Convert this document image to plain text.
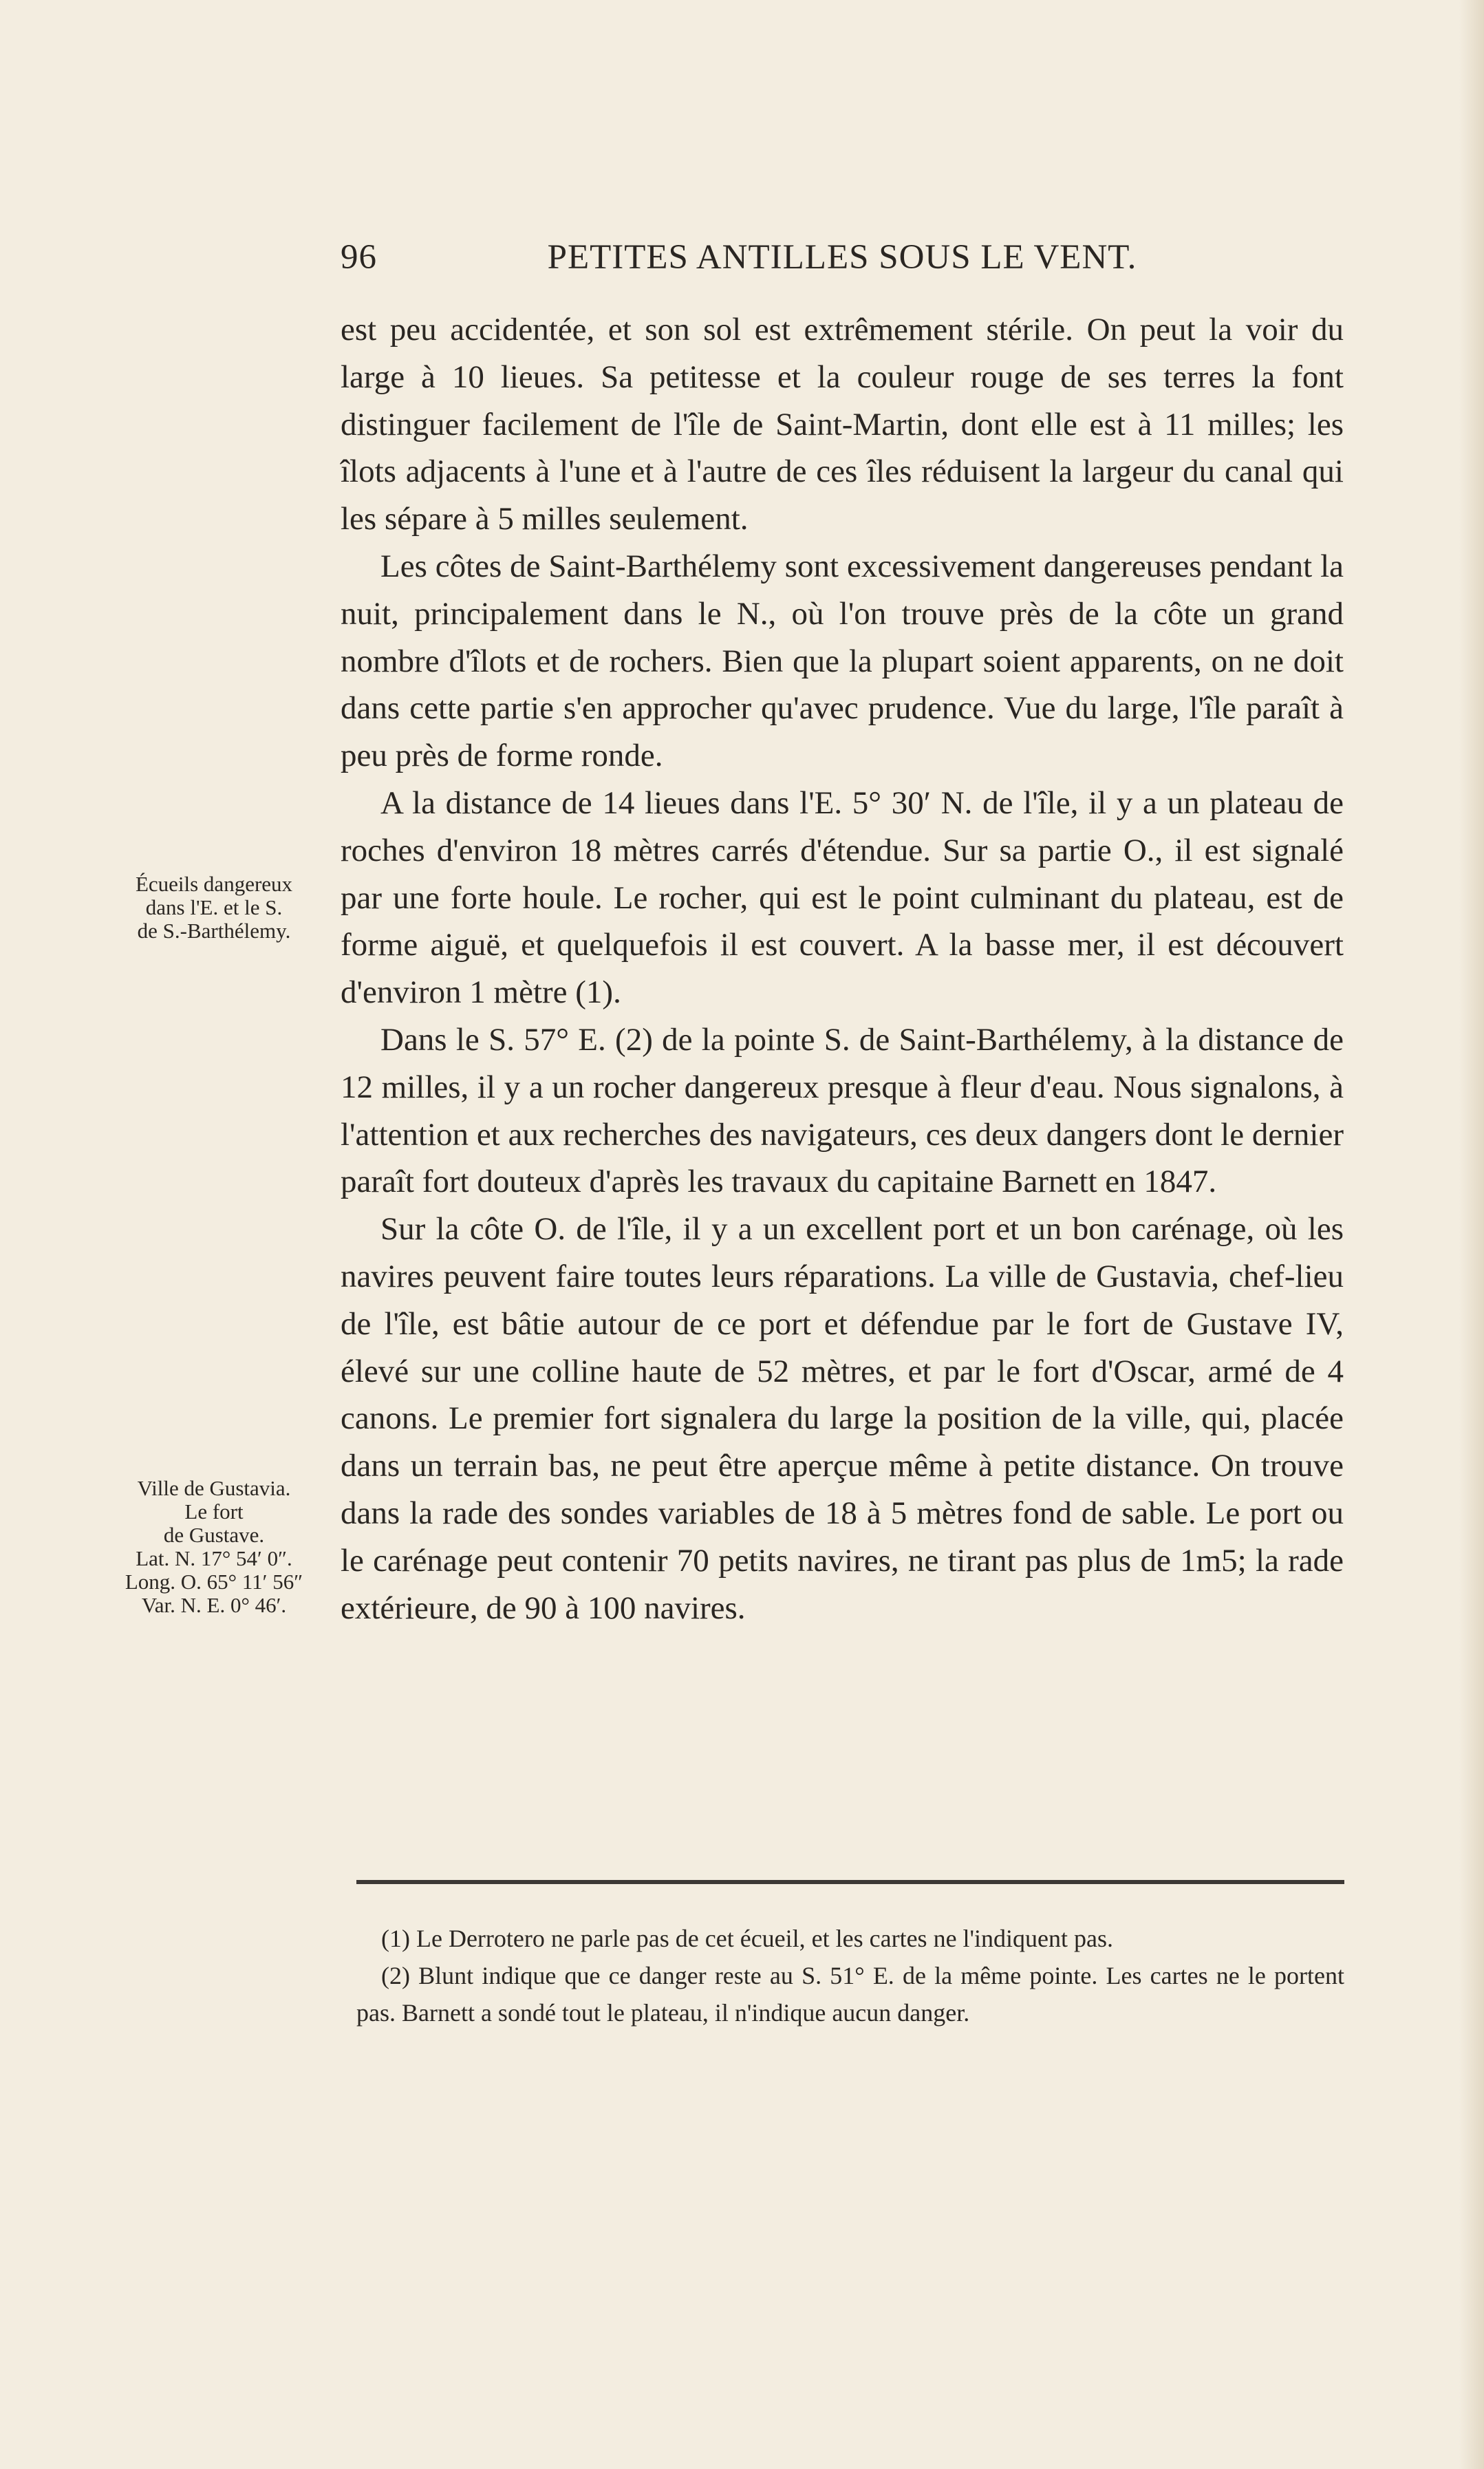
96	PETITES ANTILLES SOUS LE VENT.

est peu accidentée, et son sol est extrêmement stérile. On peut la voir du large à 10 lieues. Sa petitesse et la couleur rouge de ses terres la font distinguer facilement de l'île de Saint-Martin, dont elle est à 11 milles; les îlots adjacents à l'une et à l'autre de ces îles réduisent la largeur du canal qui les sépare à 5 milles seulement.

Les côtes de Saint-Barthélemy sont excessivement dangereuses pendant la nuit, principalement dans le N., où l'on trouve près de la côte un grand nombre d'îlots et de rochers. Bien que la plupart soient apparents, on ne doit dans cette partie s'en approcher qu'avec prudence. Vue du large, l'île paraît à peu près de forme ronde.

A la distance de 14 lieues dans l'E. 5° 30′ N. de l'île, il y a un plateau de roches d'environ 18 mètres carrés d'étendue. Sur sa partie O., il est signalé par une forte houle. Le rocher, qui est le point culminant du plateau, est de forme aiguë, et quelquefois il est couvert. A la basse mer, il est découvert d'environ 1 mètre (1).

Dans le S. 57° E. (2) de la pointe S. de Saint-Barthélemy, à la distance de 12 milles, il y a un rocher dangereux presque à fleur d'eau. Nous signalons, à l'attention et aux recherches des navigateurs, ces deux dangers dont le dernier paraît fort douteux d'après les travaux du capitaine Barnett en 1847.

Sur la côte O. de l'île, il y a un excellent port et un bon carénage, où les navires peuvent faire toutes leurs réparations. La ville de Gustavia, chef-lieu de l'île, est bâtie autour de ce port et défendue par le fort de Gustave IV, élevé sur une colline haute de 52 mètres, et par le fort d'Oscar, armé de 4 canons. Le premier fort signalera du large la position de la ville, qui, placée dans un terrain bas, ne peut être aperçue même à petite distance. On trouve dans la rade des sondes variables de 18 à 5 mètres fond de sable. Le port ou le carénage peut contenir 70 petits navires, ne tirant pas plus de 1m5; la rade extérieure, de 90 à 100 navires.

Écueils dangereux
dans l'E. et le S.
de S.-Barthélemy.
Ville de Gustavia.
Le fort
de Gustave.
Lat. N. 17° 54′ 0″.
Long. O. 65° 11′ 56″
Var. N. E. 0° 46′.

(1) Le Derrotero ne parle pas de cet écueil, et les cartes ne l'indiquent pas.

(2) Blunt indique que ce danger reste au S. 51° E. de la même pointe. Les cartes ne le portent pas. Barnett a sondé tout le plateau, il n'indique aucun danger.
